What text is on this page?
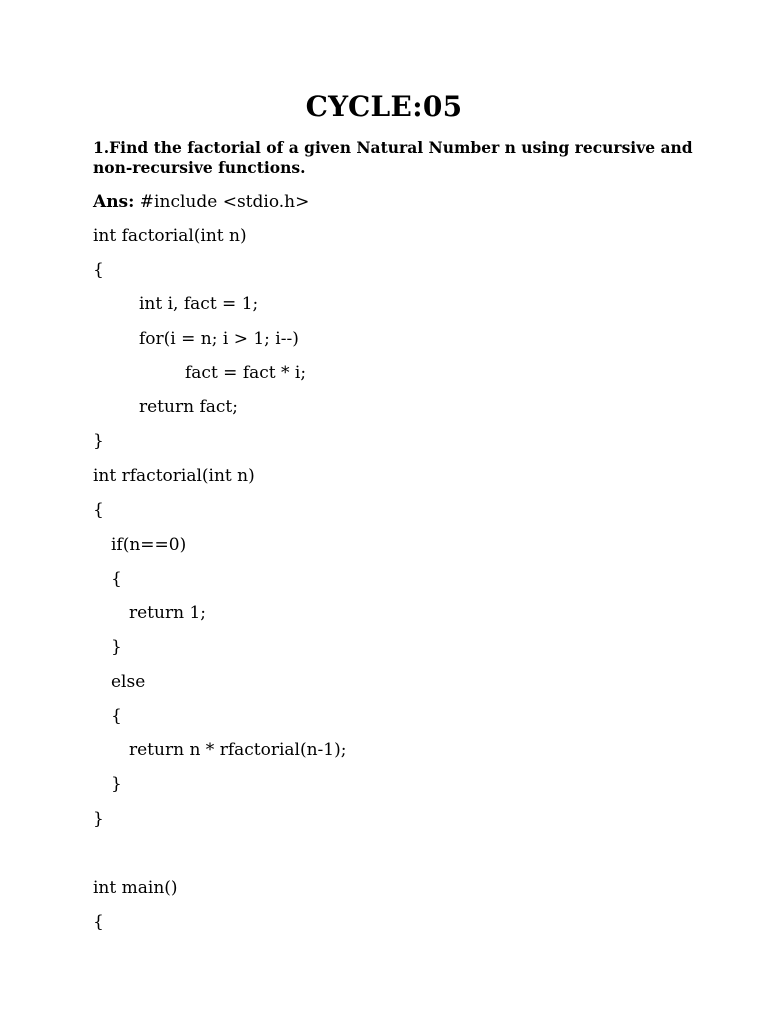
CYCLE:05

1.Find the factorial of a given Natural Number n using recursive and non-recursive functions.

Ans: #include <stdio.h>
int factorial(int n)
{
int i, fact = 1;
for(i = n; i > 1; i--)
fact = fact * i;
return fact;
}
int rfactorial(int n)
{
if(n==0)
{
return 1;
}
else
{
return n * rfactorial(n-1);
}
}
int main()
{
